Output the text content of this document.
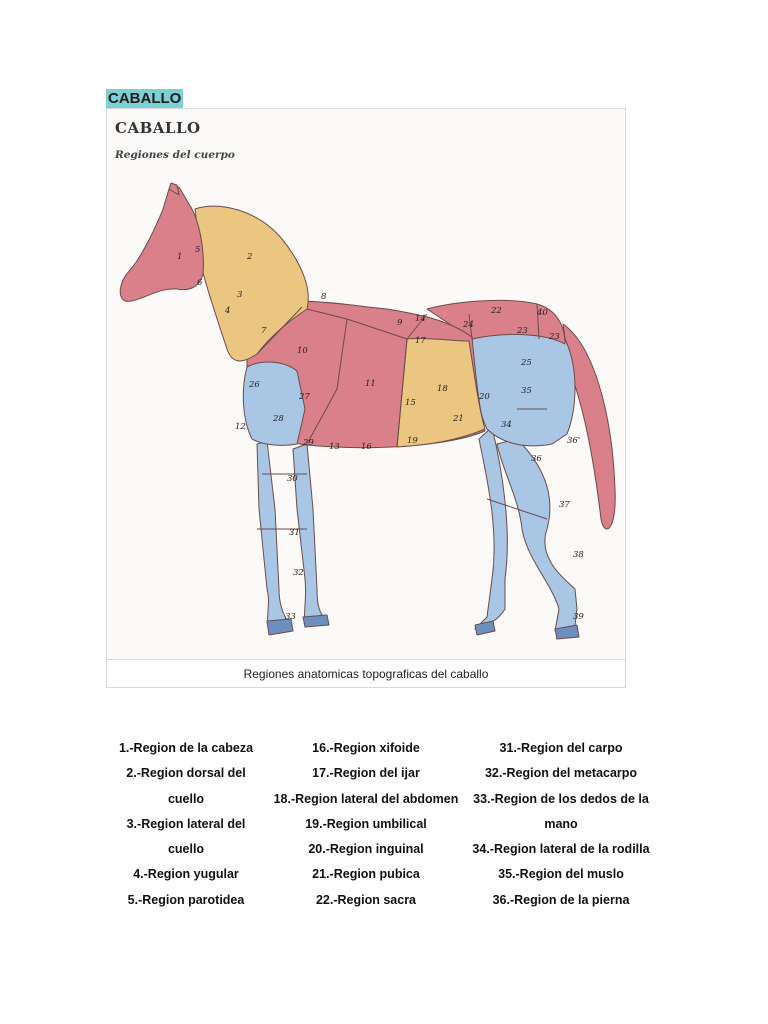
CABALLO
CABALLO
Regiones del cuerpo
1	2
3
4
5
6
7
8
9
10
11
12
13
14
15
16
17
18
19
20
21
22
23
23
24
25
26
27
28
29
30
31
32
33
34
35
36
36'
37
38
39
40
Regiones anatomicas topograficas del caballo
1.-Region de la cabeza
2.-Region dorsal del
cuello
3.-Region lateral del
cuello
4.-Region yugular
5.-Region parotidea
16.-Region xifoide
17.-Region del ijar
18.-Region lateral del abdomen
19.-Region umbilical
20.-Region inguinal
21.-Region pubica
22.-Region sacra
31.-Region del carpo
32.-Region del metacarpo
33.-Region de los dedos de la
mano
34.-Region lateral de la rodilla
35.-Region del muslo
36.-Region de la pierna
